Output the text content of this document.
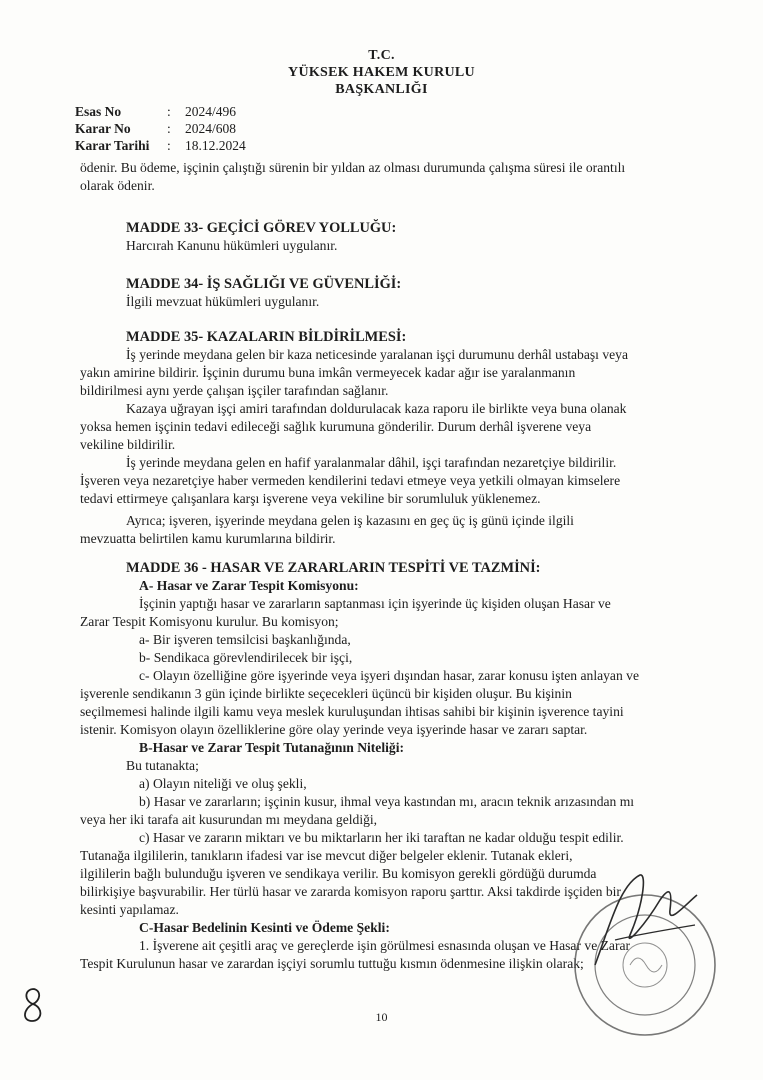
T.C.
YÜKSEK HAKEM KURULU
BAŞKANLIĞI
Esas No	: 2024/496
Karar No	: 2024/608
Karar Tarihi : 18.12.2024
ödenir. Bu ödeme, işçinin çalıştığı sürenin bir yıldan az olması durumunda çalışma süresi ile orantılı
olarak ödenir.
MADDE 33- GEÇİCİ GÖREV YOLLUĞU:
Harcırah Kanunu hükümleri uygulanır.
MADDE 34- İŞ SAĞLIĞI VE GÜVENLİĞİ:
İlgili mevzuat hükümleri uygulanır.
MADDE 35- KAZALARIN BİLDİRİLMESİ:
İş yerinde meydana gelen bir kaza neticesinde yaralanan işçi durumunu derhâl ustabaşı veya
yakın amirine bildirir. İşçinin durumu buna imkân vermeyecek kadar ağır ise yaralanmanın
bildirilmesi aynı yerde çalışan işçiler tarafından sağlanır.
Kazaya uğrayan işçi amiri tarafından doldurulacak kaza raporu ile birlikte veya buna olanak
yoksa hemen işçinin tedavi edileceği sağlık kurumuna gönderilir. Durum derhâl işverene veya
vekiline bildirilir.
İş yerinde meydana gelen en hafif yaralanmalar dâhil, işçi tarafından nezaretçiye bildirilir.
İşveren veya nezaretçiye haber vermeden kendilerini tedavi etmeye veya yetkili olmayan kimselere
tedavi ettirmeye çalışanlara karşı işverene veya vekiline bir sorumluluk yüklenemez.
Ayrıca; işveren, işyerinde meydana gelen iş kazasını en geç üç iş günü içinde ilgili
mevzuatta belirtilen kamu kurumlarına bildirir.
MADDE 36 - HASAR VE ZARARLARIN TESPİTİ VE TAZMİNİ:
A- Hasar ve Zarar Tespit Komisyonu:
İşçinin yaptığı hasar ve zararların saptanması için işyerinde üç kişiden oluşan Hasar ve
Zarar Tespit Komisyonu kurulur. Bu komisyon;
a- Bir işveren temsilcisi başkanlığında,
b- Sendikaca görevlendirilecek bir işçi,
c- Olayın özelliğine göre işyerinde veya işyeri dışından hasar, zarar konusu işten anlayan ve
işverenle sendikanın 3 gün içinde birlikte seçecekleri üçüncü bir kişiden oluşur. Bu kişinin
seçilmemesi halinde ilgili kamu veya meslek kuruluşundan ihtisas sahibi bir kişinin işverence tayini
istenir. Komisyon olayın özelliklerine göre olay yerinde veya işyerinde hasar ve zararı saptar.
B-Hasar ve Zarar Tespit Tutanağının Niteliği:
Bu tutanakta;
a) Olayın niteliği ve oluş şekli,
b) Hasar ve zararların; işçinin kusur, ihmal veya kastından mı, aracın teknik arızasından mı
veya her iki tarafa ait kusurundan mı meydana geldiği,
c) Hasar ve zararın miktarı ve bu miktarların her iki taraftan ne kadar olduğu tespit edilir.
Tutanağa ilgililerin, tanıkların ifadesi var ise mevcut diğer belgeler eklenir. Tutanak ekleri,
ilgililerin bağlı bulunduğu işveren ve sendikaya verilir. Bu komisyon gerekli gördüğü durumda
bilirkişiye başvurabilir. Her türlü hasar ve zararda komisyon raporu şarttır. Aksi takdirde işçiden bir
kesinti yapılamaz.
C-Hasar Bedelinin Kesinti ve Ödeme Şekli:
1. İşverene ait çeşitli araç ve gereçlerde işin görülmesi esnasında oluşan ve Hasar ve Zarar
Tespit Kurulunun hasar ve zarardan işçiyi sorumlu tuttuğu kısmın ödenmesine ilişkin olarak;
10
